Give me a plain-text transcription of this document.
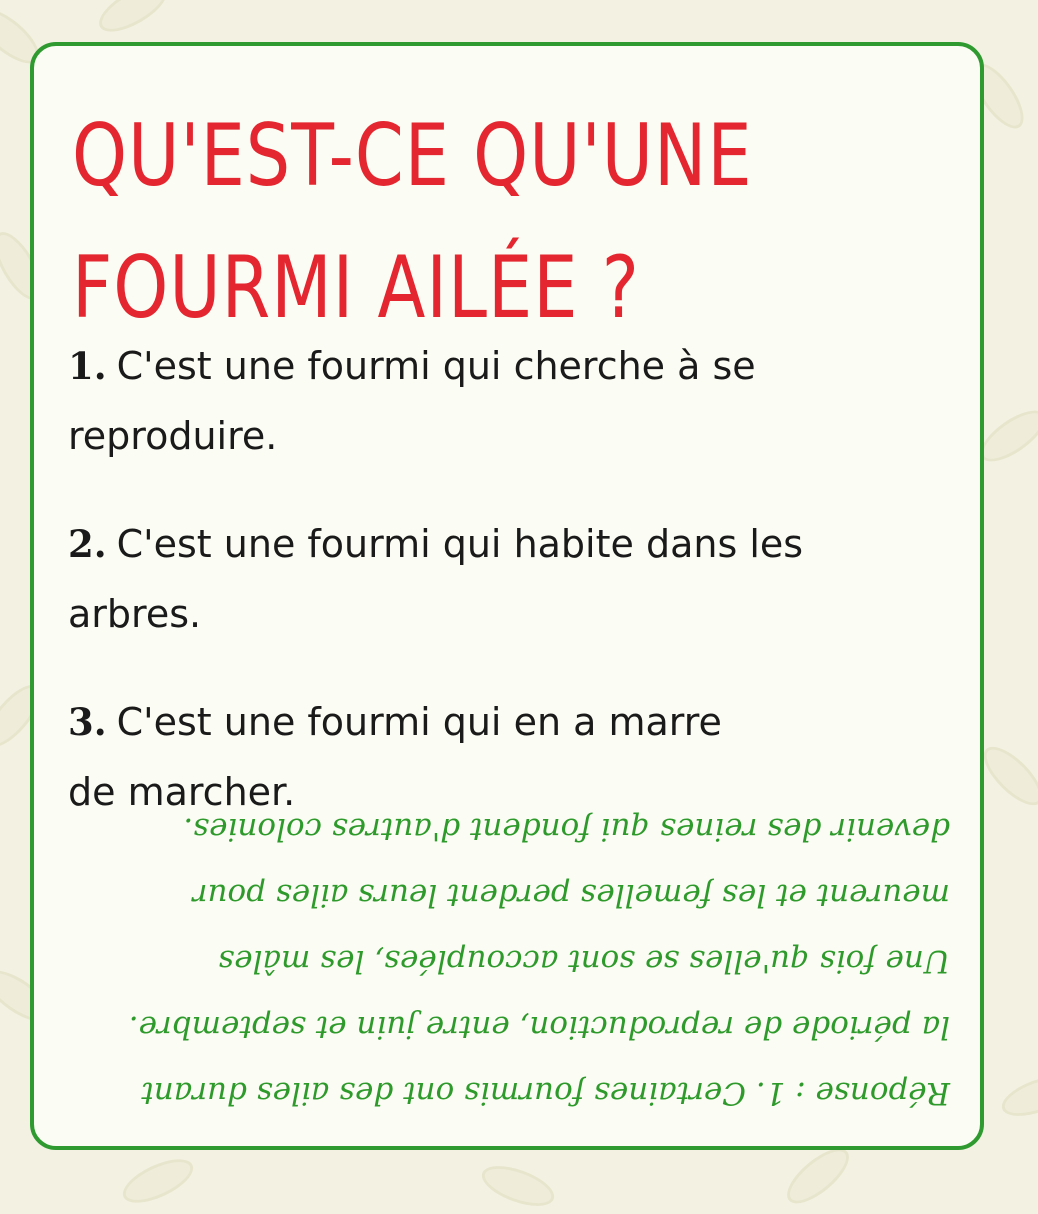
QU'EST-CE QU'UNE
FOURMI AILÉE ?

1. C'est une fourmi qui cherche à se
reproduire.

2. C'est une fourmi qui habite dans les
arbres.

3. C'est une fourmi qui en a marre
de marcher.

Réponse : 1. Certaines fourmis ont des ailes durant
la période de reproduction, entre juin et septembre.
Une fois qu'elles se sont accouplées, les mâles
meurent et les femelles perdent leurs ailes pour
devenir des reines qui fondent d'autres colonies.
